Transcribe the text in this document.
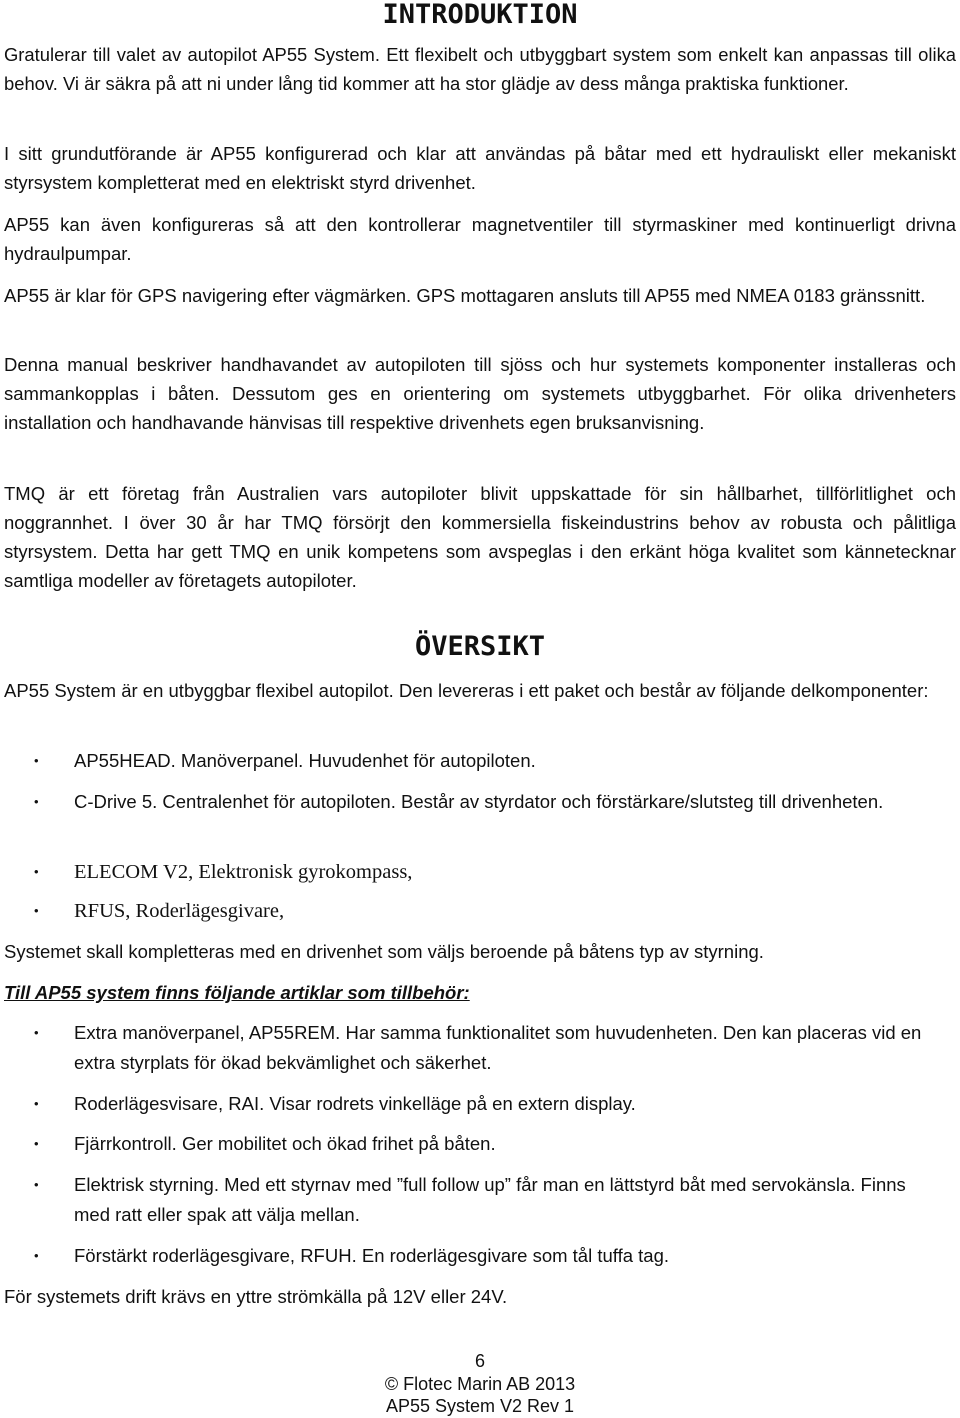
INTRODUKTION

Gratulerar till valet av autopilot AP55 System. Ett flexibelt och utbyggbart system som enkelt kan anpassas till olika behov. Vi är säkra på att ni under lång tid kommer att ha stor glädje av dess många praktiska funktioner.

I sitt grundutförande är AP55 konfigurerad och klar att användas på båtar med ett hydrauliskt eller mekaniskt styrsystem kompletterat med en elektriskt styrd drivenhet.

AP55 kan även konfigureras så att den kontrollerar magnetventiler till styrmaskiner med kontinuerligt drivna hydraulpumpar.

AP55 är klar för GPS navigering efter vägmärken. GPS mottagaren ansluts till AP55 med NMEA 0183 gränssnitt.

Denna manual beskriver handhavandet av autopiloten till sjöss och hur systemets komponenter installeras och sammankopplas i båten. Dessutom ges en orientering om systemets utbyggbarhet. För olika drivenheters installation och handhavande hänvisas till respektive drivenhets egen bruksanvisning.

TMQ är ett företag från Australien vars autopiloter blivit uppskattade för sin hållbarhet, tillförlitlighet och noggrannhet. I över 30 år har TMQ försörjt den kommersiella fiskeindustrins behov av robusta och pålitliga styrsystem. Detta har gett TMQ en unik kompetens som avspeglas i den erkänt höga kvalitet som kännetecknar samtliga modeller av företagets autopiloter.

ÖVERSIKT

AP55 System är en utbyggbar flexibel autopilot. Den levereras i ett paket och består av följande delkomponenter:

• AP55HEAD. Manöverpanel. Huvudenhet för autopiloten.
• C-Drive 5. Centralenhet för autopiloten. Består av styrdator och förstärkare/slutsteg till drivenheten.
• ELECOM V2, Elektronisk gyrokompass,
• RFUS, Roderlägesgivare,

Systemet skall kompletteras med en drivenhet som väljs beroende på båtens typ av styrning.

Till AP55 system finns följande artiklar som tillbehör:

• Extra manöverpanel, AP55REM. Har samma funktionalitet som huvudenheten. Den kan placeras vid en extra styrplats för ökad bekvämlighet och säkerhet.
• Roderlägesvisare, RAI. Visar rodrets vinkelläge på en extern display.
• Fjärrkontroll. Ger mobilitet och ökad frihet på båten.
• Elektrisk styrning. Med ett styrnav med ”full follow up” får man en lättstyrd båt med servokänsla. Finns med ratt eller spak att välja mellan.
• Förstärkt roderlägesgivare, RFUH. En roderlägesgivare som tål tuffa tag.

För systemets drift krävs en yttre strömkälla på 12V eller 24V.

6

© Flotec Marin AB 2013

AP55 System V2 Rev 1
